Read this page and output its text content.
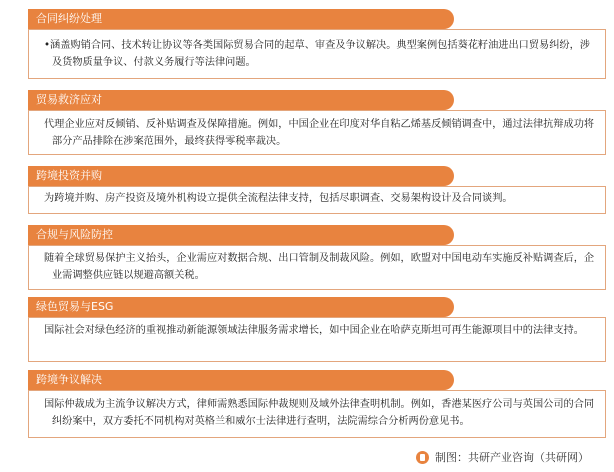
合同纠纷处理
•涵盖购销合同、技术转让协议等各类国际贸易合同的起草、审查及争议解决。典型案例包括葵花籽油进出口贸易纠纷，涉及货物质量争议、付款义务履行等法律问题。
贸易救济应对
代理企业应对反倾销、反补贴调查及保障措施。例如，中国企业在印度对华自粘乙烯基反倾销调查中，通过法律抗辩成功将部分产品排除在涉案范围外，最终获得零税率裁决。
跨境投资并购
为跨境并购、房产投资及境外机构设立提供全流程法律支持，包括尽职调查、交易架构设计及合同谈判。
合规与风险防控
随着全球贸易保护主义抬头，企业需应对数据合规、出口管制及制裁风险。例如，欧盟对中国电动车实施反补贴调查后，企业需调整供应链以规避高额关税。
绿色贸易与ESG
国际社会对绿色经济的重视推动新能源领域法律服务需求增长，如中国企业在哈萨克斯坦可再生能源项目中的法律支持。
跨境争议解决
国际仲裁成为主流争议解决方式，律师需熟悉国际仲裁规则及域外法律查明机制。例如，香港某医疗公司与英国公司的合同纠纷案中，双方委托不同机构对英格兰和威尔士法律进行查明，法院需综合分析两份意见书。
制图：共研产业咨询（共研网）
